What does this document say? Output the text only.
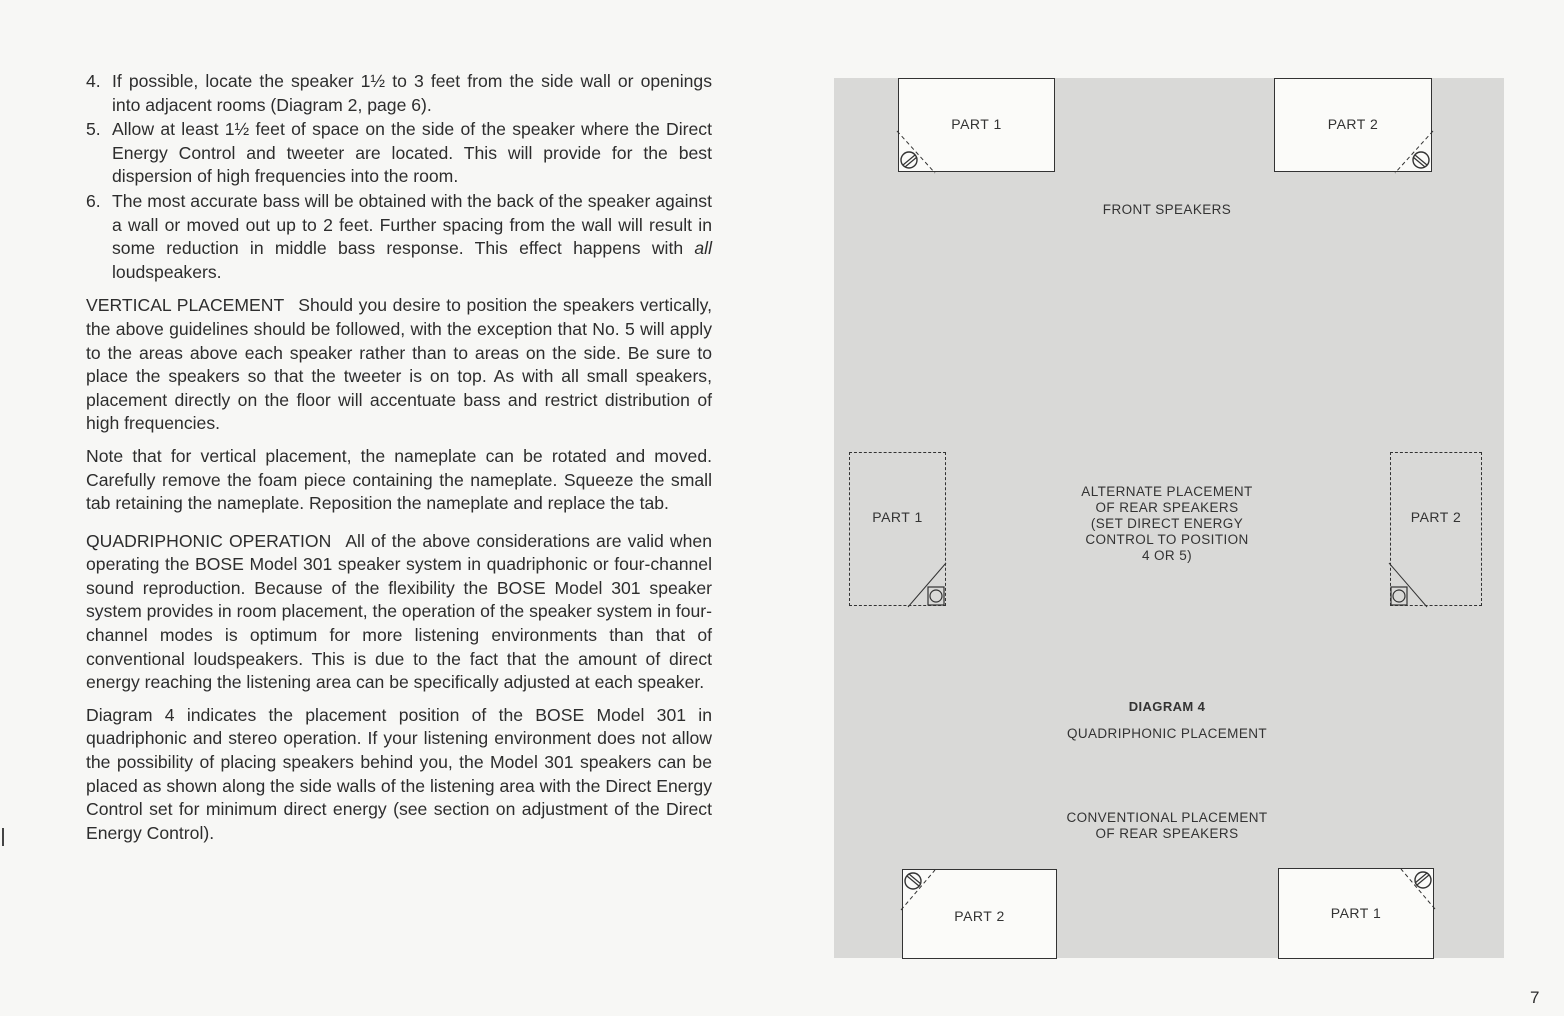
4. If possible, locate the speaker 1½ to 3 feet from the side wall or openings into adjacent rooms (Diagram 2, page 6).
5. Allow at least 1½ feet of space on the side of the speaker where the Direct Energy Control and tweeter are located. This will provide for the best dispersion of high frequencies into the room.
6. The most accurate bass will be obtained with the back of the speaker against a wall or moved out up to 2 feet. Further spacing from the wall will result in some reduction in middle bass response. This effect happens with all loudspeakers.

VERTICAL PLACEMENT Should you desire to position the speakers vertically, the above guidelines should be followed, with the exception that No. 5 will apply to the areas above each speaker rather than to areas on the side. Be sure to place the speakers so that the tweeter is on top. As with all small speakers, placement directly on the floor will accentuate bass and restrict distribution of high frequencies.

Note that for vertical placement, the nameplate can be rotated and moved. Carefully remove the foam piece containing the nameplate. Squeeze the small tab retaining the nameplate. Reposition the nameplate and replace the tab.

QUADRIPHONIC OPERATION All of the above considerations are valid when operating the BOSE Model 301 speaker system in quadriphonic or four-channel sound reproduction. Because of the flexibility the BOSE Model 301 speaker system provides in room placement, the operation of the speaker system in four-channel modes is optimum for more listening environments than that of conventional loudspeakers. This is due to the fact that the amount of direct energy reaching the listening area can be specifically adjusted at each speaker.

Diagram 4 indicates the placement position of the BOSE Model 301 in quadriphonic and stereo operation. If your listening environment does not allow the possibility of placing speakers behind you, the Model 301 speakers can be placed as shown along the side walls of the listening area with the Direct Energy Control set for minimum direct energy (see section on adjustment of the Direct Energy Control).

PART 1	PART 2
FRONT SPEAKERS
PART 1	PART 2
ALTERNATE PLACEMENT
OF REAR SPEAKERS
(SET DIRECT ENERGY
CONTROL TO POSITION
4 OR 5)
DIAGRAM 4
QUADRIPHONIC PLACEMENT
CONVENTIONAL PLACEMENT
OF REAR SPEAKERS
PART 2	PART 1
7
